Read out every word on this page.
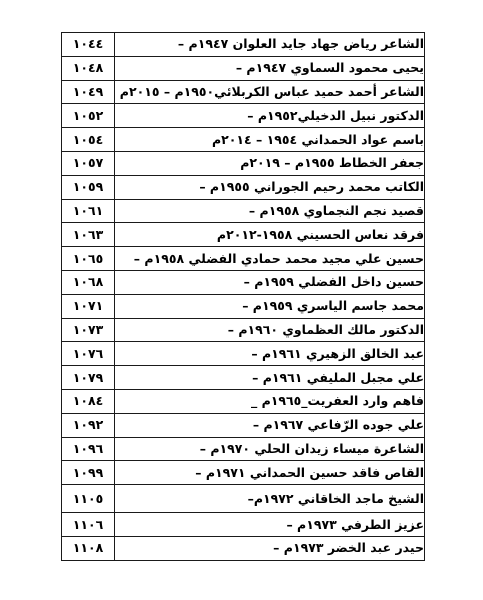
١٠٤٤	الشاعر رياض جهاد جايد العلوان ١٩٤٧م –
١٠٤٨	يحيى محمود السماوي ١٩٤٧م –
١٠٤٩	الشاعر أحمد حميد عباس الكربلائي١٩٥٠م – ٢٠١٥م
١٠٥٢	الدكتور نبيل الدخيلي١٩٥٢م –
١٠٥٤	باسم عواد الحمداني ١٩٥٤ – ٢٠١٤م
١٠٥٧	جعفر الخطاط ١٩٥٥م – ٢٠١٩م
١٠٥٩	الكاتب محمد رحيم الجوراني ١٩٥٥م –
١٠٦١	قصيد نجم النجماوي ١٩٥٨م –
١٠٦٣	فرقد نعاس الحسيني ١٩٥٨-٢٠١٢م
١٠٦٥	حسين علي مجيد محمد حمادي الفضلي ١٩٥٨م –
١٠٦٨	حسين داخل الفضلي ١٩٥٩م –
١٠٧١	محمد جاسم الياسري ١٩٥٩م –
١٠٧٣	الدكتور مالك العظماوي ١٩٦٠م –
١٠٧٦	عبد الخالق الزهيري ١٩٦١م –
١٠٧٩	علي مجبل المليفي ١٩٦١م –
١٠٨٤	فاهم وارد العفريت_١٩٦٥م _
١٠٩٢	علي جوده الرّفاعي ١٩٦٧م –
١٠٩٦	الشاعرة ميساء زيدان الحلي ١٩٧٠م –
١٠٩٩	القاص فاقد حسين الحمداني ١٩٧١م –
١١٠٥	الشيخ ماجد الخاقاني ١٩٧٢م–
١١٠٦	عزيز الطرفي ١٩٧٣م –
١١٠٨	حيدر عبد الخضر ١٩٧٣م –
